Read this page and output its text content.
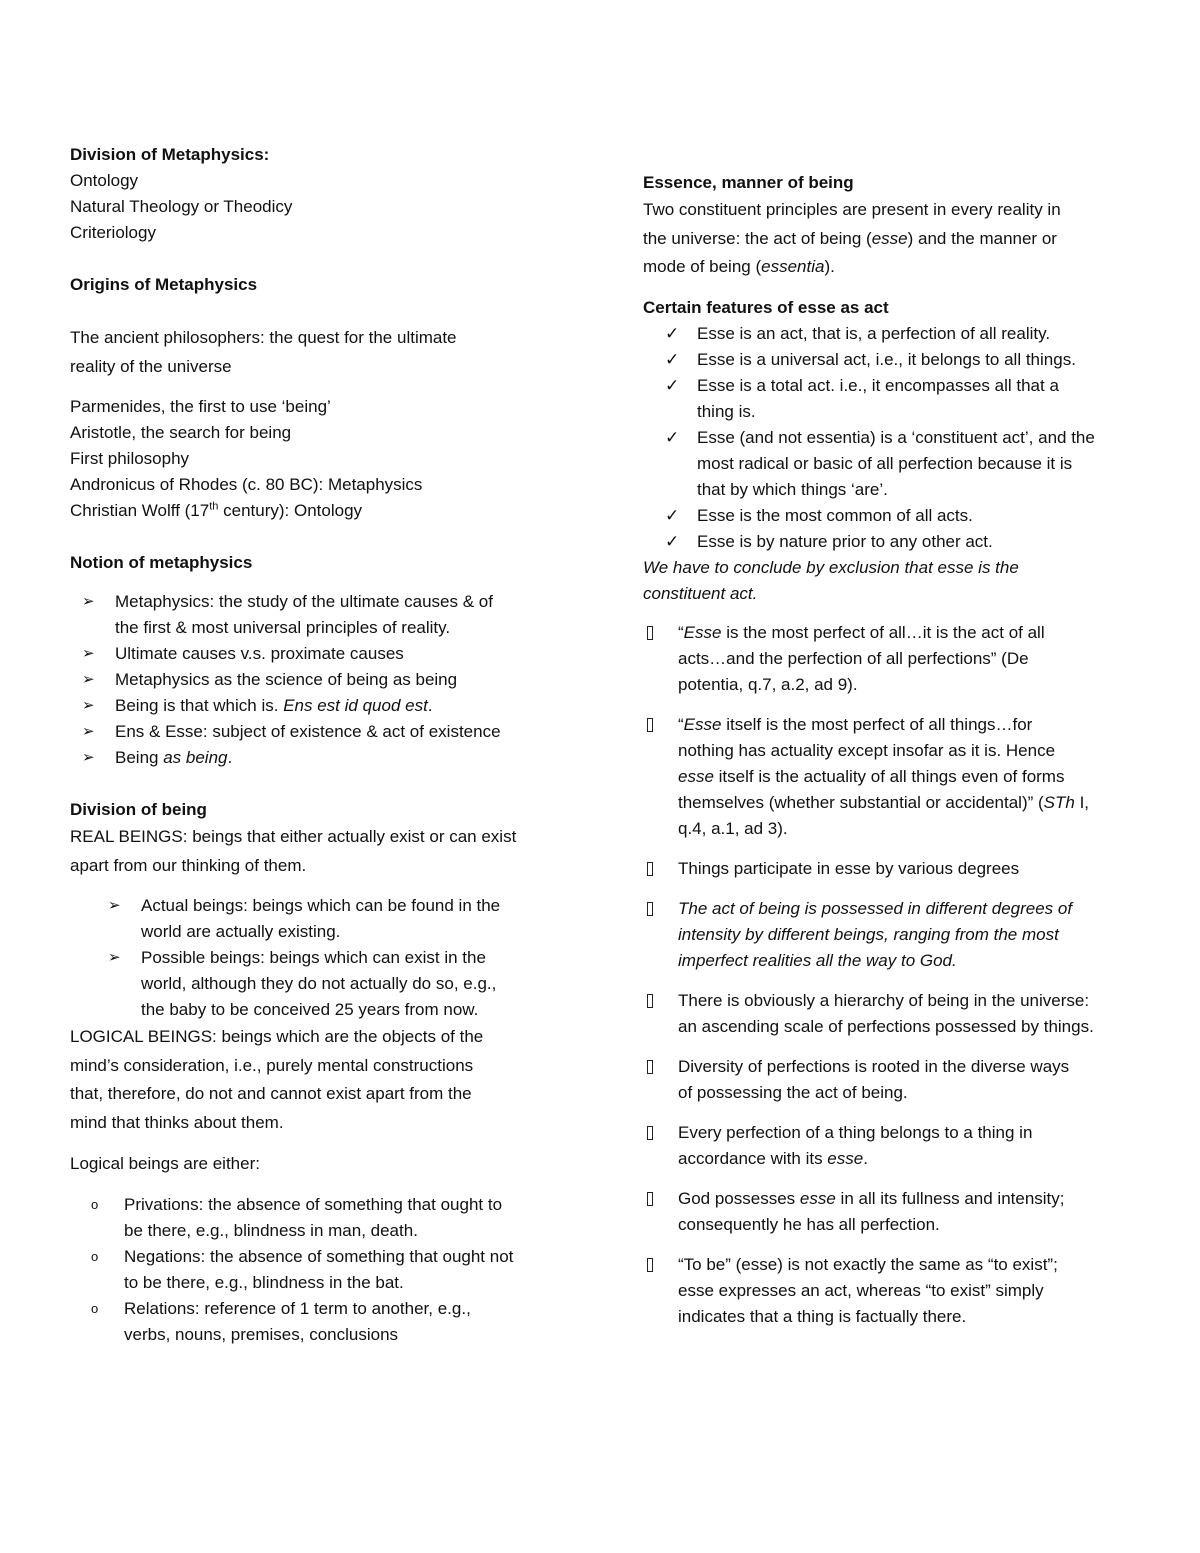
Division of Metaphysics:

Ontology

Natural Theology or Theodicy

Criteriology

Origins of Metaphysics

The ancient philosophers: the quest for the ultimate

reality of the universe

Parmenides, the first to use ‘being’

Aristotle, the search for being

First philosophy

Andronicus of Rhodes (c. 80 BC): Metaphysics

Christian Wolff (17th century): Ontology

Notion of metaphysics

➢ Metaphysics: the study of the ultimate causes & of
the first & most universal principles of reality.
➢ Ultimate causes v.s. proximate causes
➢ Metaphysics as the science of being as being
➢ Being is that which is. Ens est id quod est.
➢ Ens & Esse: subject of existence & act of existence
➢ Being as being.

Division of being

REAL BEINGS: beings that either actually exist or can exist

apart from our thinking of them.

➢ Actual beings: beings which can be found in the
world are actually existing.
➢ Possible beings: beings which can exist in the
world, although they do not actually do so, e.g.,
the baby to be conceived 25 years from now.

LOGICAL BEINGS: beings which are the objects of the

mind’s consideration, i.e., purely mental constructions

that, therefore, do not and cannot exist apart from the

mind that thinks about them.

Logical beings are either:

o Privations: the absence of something that ought to
be there, e.g., blindness in man, death.
o Negations: the absence of something that ought not
to be there, e.g., blindness in the bat.
o Relations: reference of 1 term to another, e.g.,
verbs, nouns, premises, conclusions

Essence, manner of being

Two constituent principles are present in every reality in

the universe: the act of being (esse) and the manner or

mode of being (essentia).

Certain features of esse as act

✓ Esse is an act, that is, a perfection of all reality.
✓ Esse is a universal act, i.e., it belongs to all things.
✓ Esse is a total act. i.e., it encompasses all that a
thing is.
✓ Esse (and not essentia) is a ‘constituent act’, and the
most radical or basic of all perfection because it is
that by which things ‘are’.
✓ Esse is the most common of all acts.
✓ Esse is by nature prior to any other act.

We have to conclude by exclusion that esse is the

constituent act.

“Esse is the most perfect of all…it is the act of all
acts…and the perfection of all perfections” (De
potentia, q.7, a.2, ad 9).
“Esse itself is the most perfect of all things…for
nothing has actuality except insofar as it is. Hence
esse itself is the actuality of all things even of forms
themselves (whether substantial or accidental)” (STh I,
q.4, a.1, ad 3).
Things participate in esse by various degrees
The act of being is possessed in different degrees of
intensity by different beings, ranging from the most
imperfect realities all the way to God.
There is obviously a hierarchy of being in the universe:
an ascending scale of perfections possessed by things.
Diversity of perfections is rooted in the diverse ways
of possessing the act of being.
Every perfection of a thing belongs to a thing in
accordance with its esse.
God possesses esse in all its fullness and intensity;
consequently he has all perfection.
“To be” (esse) is not exactly the same as “to exist”;
esse expresses an act, whereas “to exist” simply
indicates that a thing is factually there.
